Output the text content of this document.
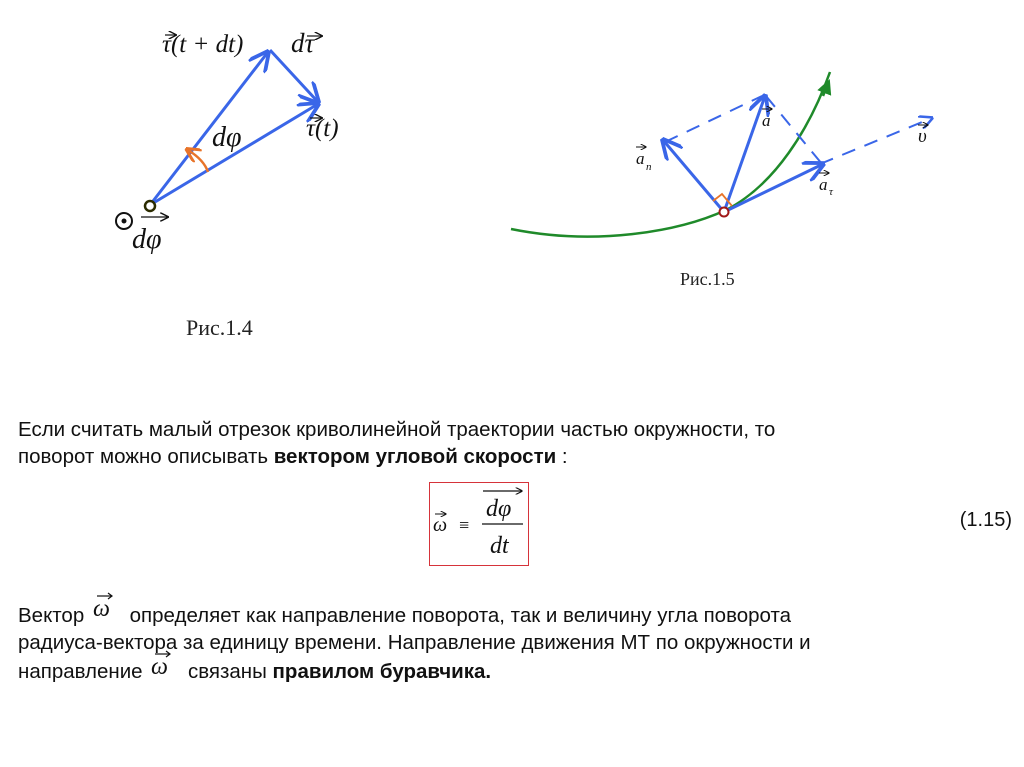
τ(t + dt) dτ
τ(t)
dφ
dφ
Рис.1.4
a
a n
a τ
υ
Рис.1.5
Если считать малый отрезок криволинейной траектории частью окружности, то
поворот можно описывать вектором угловой скорости :
ω ≡
dφ
dt
(1.15)
Вектор ω определяет как направление поворота, так и величину угла поворота
радиуса-вектора за единицу времени. Направление движения МТ по окружности и
направление ω связаны правилом буравчика.
